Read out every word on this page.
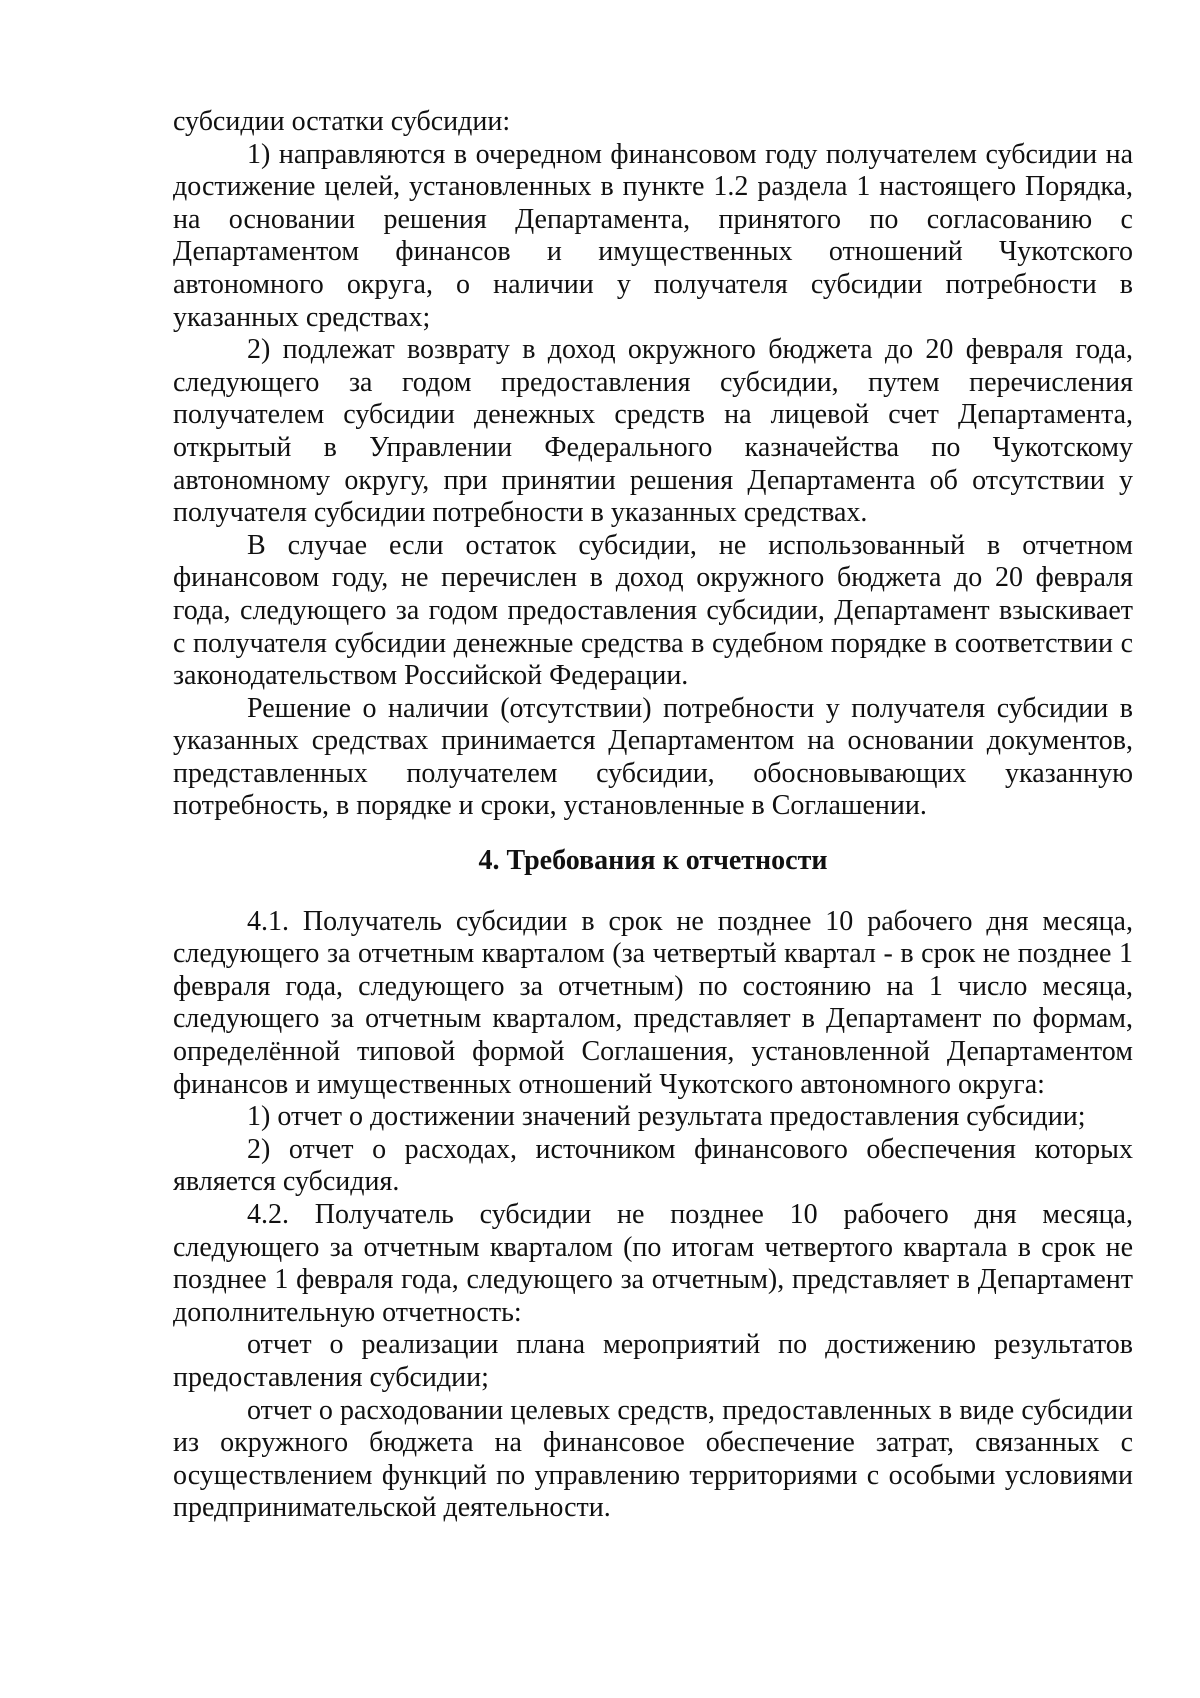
субсидии остатки субсидии:

1) направляются в очередном финансовом году получателем субсидии на достижение целей, установленных в пункте 1.2 раздела 1 настоящего Порядка, на основании решения Департамента, принятого по согласованию с Департаментом финансов и имущественных отношений Чукотского автономного округа, о наличии у получателя субсидии потребности в указанных средствах;

2) подлежат возврату в доход окружного бюджета до 20 февраля года, следующего за годом предоставления субсидии, путем перечисления получателем субсидии денежных средств на лицевой счет Департамента, открытый в Управлении Федерального казначейства по Чукотскому автономному округу, при принятии решения Департамента об отсутствии у получателя субсидии потребности в указанных средствах.

В случае если остаток субсидии, не использованный в отчетном финансовом году, не перечислен в доход окружного бюджета до 20 февраля года, следующего за годом предоставления субсидии, Департамент взыскивает с получателя субсидии денежные средства в судебном порядке в соответствии с законодательством Российской Федерации.

Решение о наличии (отсутствии) потребности у получателя субсидии в указанных средствах принимается Департаментом на основании документов, представленных получателем субсидии, обосновывающих указанную потребность, в порядке и сроки, установленные в Соглашении.

4. Требования к отчетности

4.1. Получатель субсидии в срок не позднее 10 рабочего дня месяца, следующего за отчетным кварталом (за четвертый квартал - в срок не позднее 1 февраля года, следующего за отчетным) по состоянию на 1 число месяца, следующего за отчетным кварталом, представляет в Департамент по формам, определённой типовой формой Соглашения, установленной Департаментом финансов и имущественных отношений Чукотского автономного округа:

1) отчет о достижении значений результата предоставления субсидии;

2) отчет о расходах, источником финансового обеспечения которых является субсидия.

4.2. Получатель субсидии не позднее 10 рабочего дня месяца, следующего за отчетным кварталом (по итогам четвертого квартала в срок не позднее 1 февраля года, следующего за отчетным), представляет в Департамент дополнительную отчетность:

отчет о реализации плана мероприятий по достижению результатов предоставления субсидии;

отчет о расходовании целевых средств, предоставленных в виде субсидии из окружного бюджета на финансовое обеспечение затрат, связанных с осуществлением функций по управлению территориями с особыми условиями предпринимательской деятельности.
